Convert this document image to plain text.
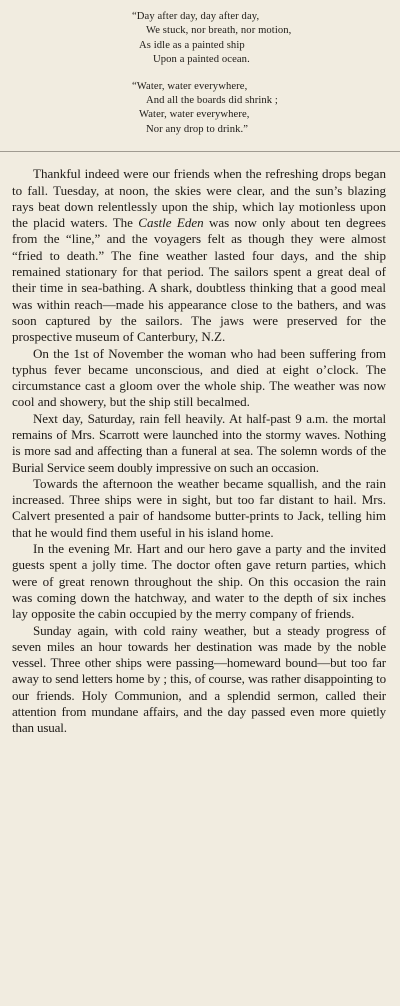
“Day after day, day after day,
We stuck, nor breath, nor motion,
As idle as a painted ship
Upon a painted ocean.
“Water, water everywhere,
And all the boards did shrink ;
Water, water everywhere,
Nor any drop to drink.”

Thankful indeed were our friends when the refreshing drops began to fall. Tuesday, at noon, the skies were clear, and the sun’s blazing rays beat down relentlessly upon the ship, which lay motionless upon the placid waters. The Castle Eden was now only about ten degrees from the “line,” and the voyagers felt as though they were almost “fried to death.” The fine weather lasted four days, and the ship remained stationary for that period. The sailors spent a great deal of their time in sea-bathing. A shark, doubtless thinking that a good meal was within reach—made his appearance close to the bathers, and was soon captured by the sailors. The jaws were preserved for the prospective museum of Canterbury, N.Z.

On the 1st of November the woman who had been suffering from typhus fever became unconscious, and died at eight o’clock. The circumstance cast a gloom over the whole ship. The weather was now cool and showery, but the ship still becalmed.

Next day, Saturday, rain fell heavily. At half-past 9 a.m. the mortal remains of Mrs. Scarrott were launched into the stormy waves. Nothing is more sad and affecting than a funeral at sea. The solemn words of the Burial Service seem doubly impressive on such an occasion.

Towards the afternoon the weather became squallish, and the rain increased. Three ships were in sight, but too far distant to hail. Mrs. Calvert presented a pair of handsome butter-prints to Jack, telling him that he would find them useful in his island home.

In the evening Mr. Hart and our hero gave a party and the invited guests spent a jolly time. The doctor often gave return parties, which were of great renown throughout the ship. On this occasion the rain was coming down the hatchway, and water to the depth of six inches lay opposite the cabin occupied by the merry company of friends.

Sunday again, with cold rainy weather, but a steady progress of seven miles an hour towards her destination was made by the noble vessel. Three other ships were passing—homeward bound—but too far away to send letters home by ; this, of course, was rather disappointing to our friends. Holy Communion, and a splendid sermon, called their attention from mundane affairs, and the day passed even more quietly than usual.
